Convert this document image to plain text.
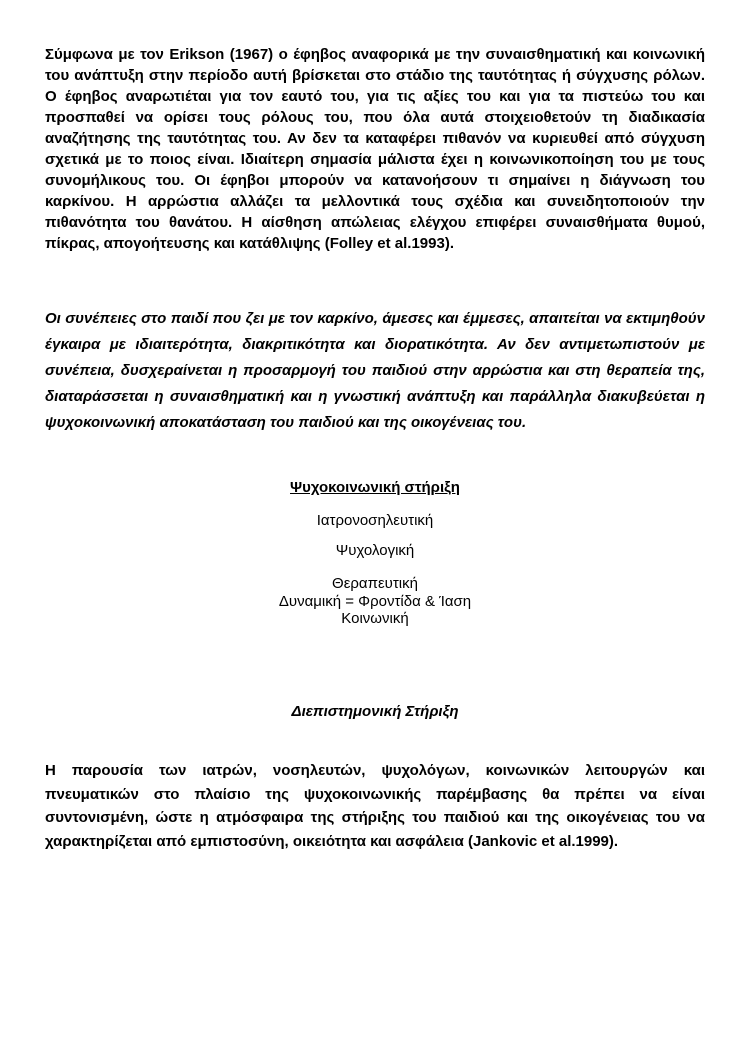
Σύμφωνα με τον Erikson (1967) ο έφηβος αναφορικά με την συναισθηματική και κοινωνική του ανάπτυξη στην περίοδο αυτή βρίσκεται στο στάδιο της ταυτότητας ή σύγχυσης ρόλων. Ο έφηβος αναρωτιέται για τον εαυτό του, για τις αξίες του και για τα πιστεύω του και προσπαθεί να ορίσει τους ρόλους του, που όλα αυτά στοιχειοθετούν τη διαδικασία αναζήτησης της ταυτότητας του. Αν δεν τα καταφέρει πιθανόν να κυριευθεί από σύγχυση σχετικά με το ποιος είναι. Ιδιαίτερη σημασία μάλιστα έχει η κοινωνικοποίηση του με τους συνομήλικους του. Οι έφηβοι μπορούν να κατανοήσουν τι σημαίνει η διάγνωση του καρκίνου. Η αρρώστια αλλάζει τα μελλοντικά τους σχέδια και συνειδητοποιούν την πιθανότητα του θανάτου. Η αίσθηση απώλειας ελέγχου επιφέρει συναισθήματα θυμού, πίκρας, απογοήτευσης και κατάθλιψης (Folley et al.1993).
Οι συνέπειες στο παιδί που ζει με τον καρκίνο, άμεσες και έμμεσες, απαιτείται να εκτιμηθούν έγκαιρα με ιδιαιτερότητα, διακριτικότητα και διορατικότητα. Αν δεν αντιμετωπιστούν με συνέπεια, δυσχεραίνεται η προσαρμογή του παιδιού στην αρρώστια και στη θεραπεία της, διαταράσσεται η συναισθηματική και η γνωστική ανάπτυξη και παράλληλα διακυβεύεται η ψυχοκοινωνική αποκατάσταση του παιδιού και της οικογένειας του.
Ψυχοκοινωνική στήριξη
Ιατρονοσηλευτική
Ψυχολογική
Θεραπευτική
Δυναμική = Φροντίδα & Ίαση
Κοινωνική
Διεπιστημονική Στήριξη
Η παρουσία των ιατρών, νοσηλευτών, ψυχολόγων, κοινωνικών λειτουργών και πνευματικών στο πλαίσιο της ψυχοκοινωνικής παρέμβασης θα πρέπει να είναι συντονισμένη, ώστε η ατμόσφαιρα της στήριξης του παιδιού και της οικογένειας του να χαρακτηρίζεται από εμπιστοσύνη, οικειότητα και ασφάλεια (Jankovic et al.1999).
